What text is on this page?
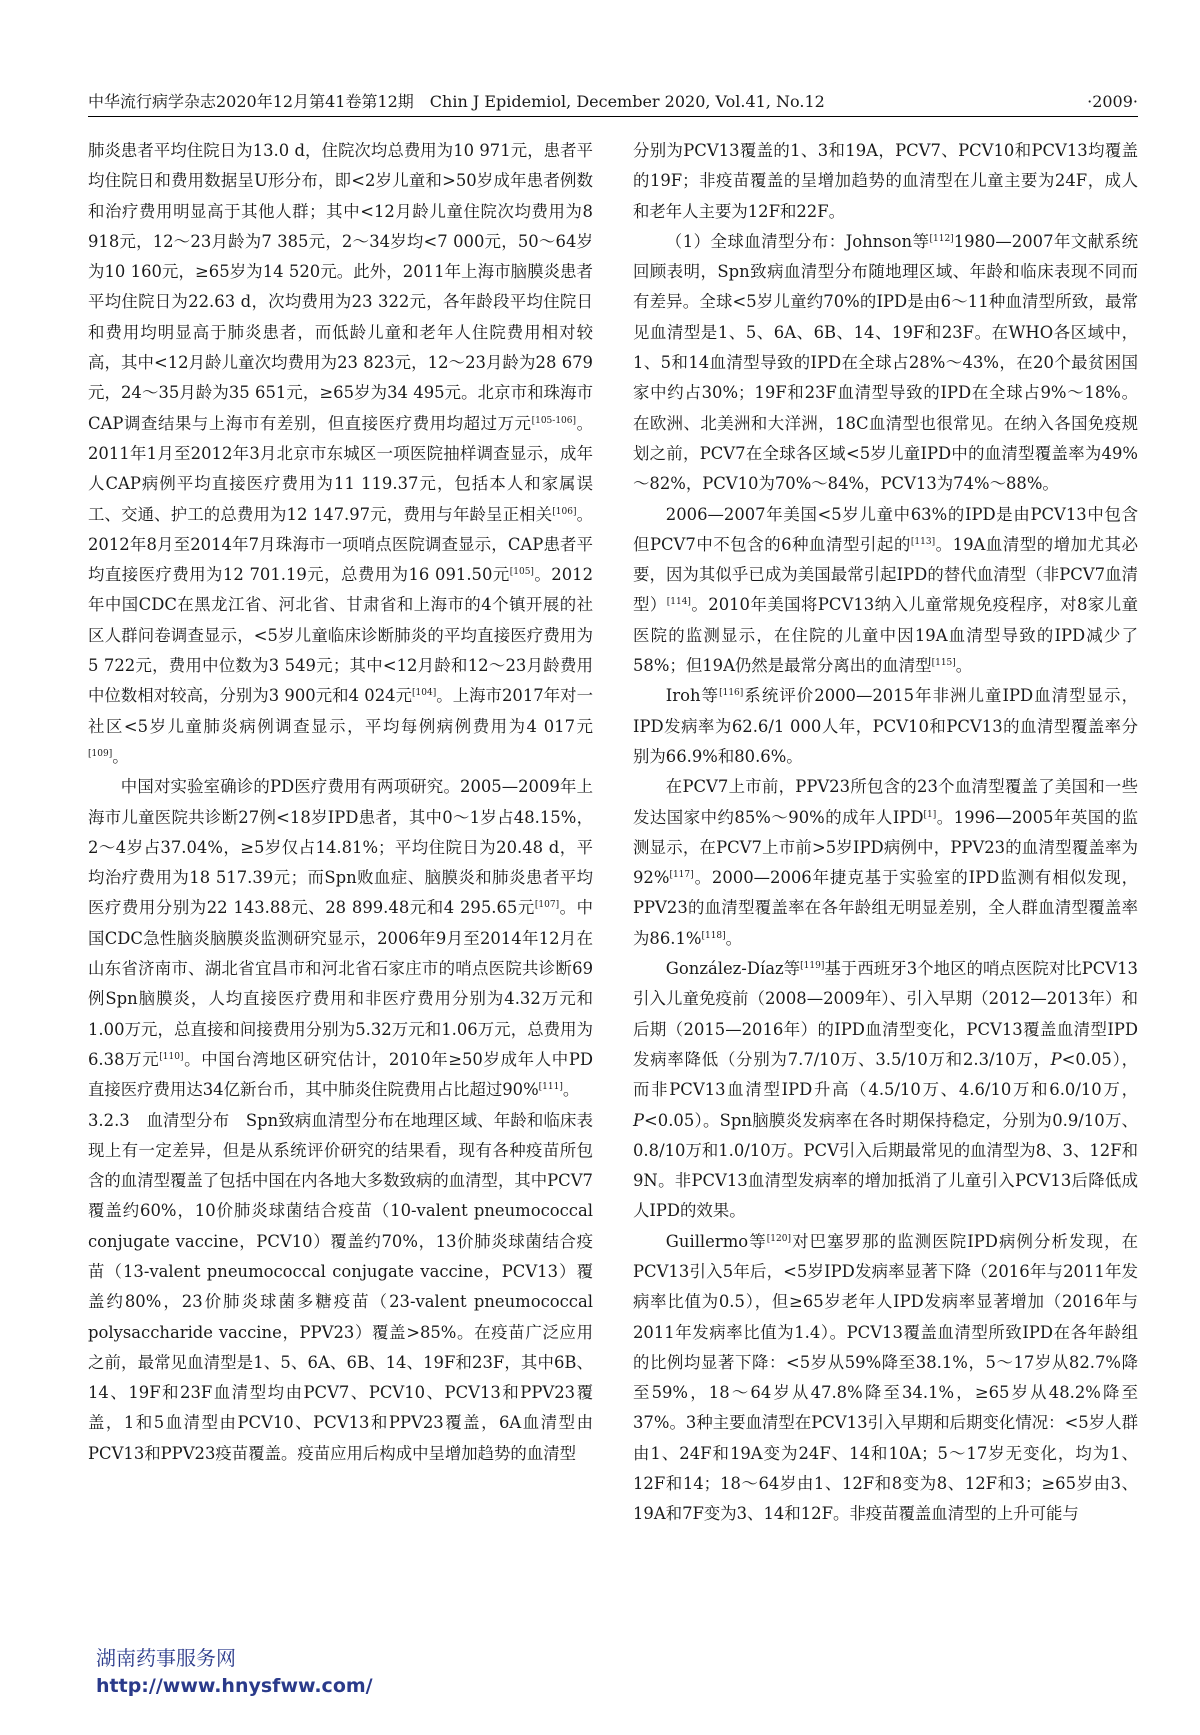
中华流行病学杂志2020年12月第41卷第12期　Chin J Epidemiol, December 2020, Vol.41, No.12	·2009·

肺炎患者平均住院日为13.0 d，住院次均总费用为10 971元，患者平均住院日和费用数据呈U形分布，即<2岁儿童和>50岁成年患者例数和治疗费用明显高于其他人群；其中<12月龄儿童住院次均费用为8 918元，12～23月龄为7 385元，2～34岁均<7 000元，50～64岁为10 160元，≥65岁为14 520元。此外，2011年上海市脑膜炎患者平均住院日为22.63 d，次均费用为23 322元，各年龄段平均住院日和费用均明显高于肺炎患者，而低龄儿童和老年人住院费用相对较高，其中<12月龄儿童次均费用为23 823元，12～23月龄为28 679元，24～35月龄为35 651元，≥65岁为34 495元。北京市和珠海市CAP调查结果与上海市有差别，但直接医疗费用均超过万元[105-106]。2011年1月至2012年3月北京市东城区一项医院抽样调查显示，成年人CAP病例平均直接医疗费用为11 119.37元，包括本人和家属误工、交通、护工的总费用为12 147.97元，费用与年龄呈正相关[106]。2012年8月至2014年7月珠海市一项哨点医院调查显示，CAP患者平均直接医疗费用为12 701.19元，总费用为16 091.50元[105]。2012年中国CDC在黑龙江省、河北省、甘肃省和上海市的4个镇开展的社区人群问卷调查显示，<5岁儿童临床诊断肺炎的平均直接医疗费用为5 722元，费用中位数为3 549元；其中<12月龄和12～23月龄费用中位数相对较高，分别为3 900元和4 024元[104]。上海市2017年对一社区<5岁儿童肺炎病例调查显示，平均每例病例费用为4 017元[109]。

中国对实验室确诊的PD医疗费用有两项研究。2005—2009年上海市儿童医院共诊断27例<18岁IPD患者，其中0～1岁占48.15%，2～4岁占37.04%，≥5岁仅占14.81%；平均住院日为20.48 d，平均治疗费用为18 517.39元；而Spn败血症、脑膜炎和肺炎患者平均医疗费用分别为22 143.88元、28 899.48元和4 295.65元[107]。中国CDC急性脑炎脑膜炎监测研究显示，2006年9月至2014年12月在山东省济南市、湖北省宜昌市和河北省石家庄市的哨点医院共诊断69例Spn脑膜炎，人均直接医疗费用和非医疗费用分别为4.32万元和1.00万元，总直接和间接费用分别为5.32万元和1.06万元，总费用为6.38万元[110]。中国台湾地区研究估计，2010年≥50岁成年人中PD直接医疗费用达34亿新台币，其中肺炎住院费用占比超过90%[111]。

3.2.3　血清型分布　Spn致病血清型分布在地理区域、年龄和临床表现上有一定差异，但是从系统评价研究的结果看，现有各种疫苗所包含的血清型覆盖了包括中国在内各地大多数致病的血清型，其中PCV7覆盖约60%，10价肺炎球菌结合疫苗（10-valent pneumococcal conjugate vaccine，PCV10）覆盖约70%，13价肺炎球菌结合疫苗（13-valent pneumococcal conjugate vaccine，PCV13）覆盖约80%，23价肺炎球菌多糖疫苗（23-valent pneumococcal polysaccharide vaccine，PPV23）覆盖>85%。在疫苗广泛应用之前，最常见血清型是1、5、6A、6B、14、19F和23F，其中6B、14、19F和23F血清型均由PCV7、PCV10、PCV13和PPV23覆盖，1和5血清型由PCV10、PCV13和PPV23覆盖，6A血清型由PCV13和PPV23疫苗覆盖。疫苗应用后构成中呈增加趋势的血清型

分别为PCV13覆盖的1、3和19A，PCV7、PCV10和PCV13均覆盖的19F；非疫苗覆盖的呈增加趋势的血清型在儿童主要为24F，成人和老年人主要为12F和22F。

（1）全球血清型分布：Johnson等[112]1980—2007年文献系统回顾表明，Spn致病血清型分布随地理区域、年龄和临床表现不同而有差异。全球<5岁儿童约70%的IPD是由6～11种血清型所致，最常见血清型是1、5、6A、6B、14、19F和23F。在WHO各区域中，1、5和14血清型导致的IPD在全球占28%～43%，在20个最贫困国家中约占30%；19F和23F血清型导致的IPD在全球占9%～18%。在欧洲、北美洲和大洋洲，18C血清型也很常见。在纳入各国免疫规划之前，PCV7在全球各区域<5岁儿童IPD中的血清型覆盖率为49%～82%，PCV10为70%～84%，PCV13为74%～88%。

2006—2007年美国<5岁儿童中63%的IPD是由PCV13中包含但PCV7中不包含的6种血清型引起的[113]。19A血清型的增加尤其必要，因为其似乎已成为美国最常引起IPD的替代血清型（非PCV7血清型）[114]。2010年美国将PCV13纳入儿童常规免疫程序，对8家儿童医院的监测显示，在住院的儿童中因19A血清型导致的IPD减少了58%；但19A仍然是最常分离出的血清型[115]。

Iroh等[116]系统评价2000—2015年非洲儿童IPD血清型显示，IPD发病率为62.6/1 000人年，PCV10和PCV13的血清型覆盖率分别为66.9%和80.6%。

在PCV7上市前，PPV23所包含的23个血清型覆盖了美国和一些发达国家中约85%～90%的成年人IPD[1]。1996—2005年英国的监测显示，在PCV7上市前>5岁IPD病例中，PPV23的血清型覆盖率为92%[117]。2000—2006年捷克基于实验室的IPD监测有相似发现，PPV23的血清型覆盖率在各年龄组无明显差别，全人群血清型覆盖率为86.1%[118]。

González-Díaz等[119]基于西班牙3个地区的哨点医院对比PCV13引入儿童免疫前（2008—2009年）、引入早期（2012—2013年）和后期（2015—2016年）的IPD血清型变化，PCV13覆盖血清型IPD发病率降低（分别为7.7/10万、3.5/10万和2.3/10万，P<0.05），而非PCV13血清型IPD升高（4.5/10万、4.6/10万和6.0/10万，P<0.05）。Spn脑膜炎发病率在各时期保持稳定，分别为0.9/10万、0.8/10万和1.0/10万。PCV引入后期最常见的血清型为8、3、12F和9N。非PCV13血清型发病率的增加抵消了儿童引入PCV13后降低成人IPD的效果。

Guillermo等[120]对巴塞罗那的监测医院IPD病例分析发现，在PCV13引入5年后，<5岁IPD发病率显著下降（2016年与2011年发病率比值为0.5），但≥65岁老年人IPD发病率显著增加（2016年与2011年发病率比值为1.4）。PCV13覆盖血清型所致IPD在各年龄组的比例均显著下降：<5岁从59%降至38.1%，5～17岁从82.7%降至59%，18～64岁从47.8%降至34.1%，≥65岁从48.2%降至37%。3种主要血清型在PCV13引入早期和后期变化情况：<5岁人群由1、24F和19A变为24F、14和10A；5～17岁无变化，均为1、12F和14；18～64岁由1、12F和8变为8、12F和3；≥65岁由3、19A和7F变为3、14和12F。非疫苗覆盖血清型的上升可能与

湖南药事服务网
http://www.hnysfww.com/
